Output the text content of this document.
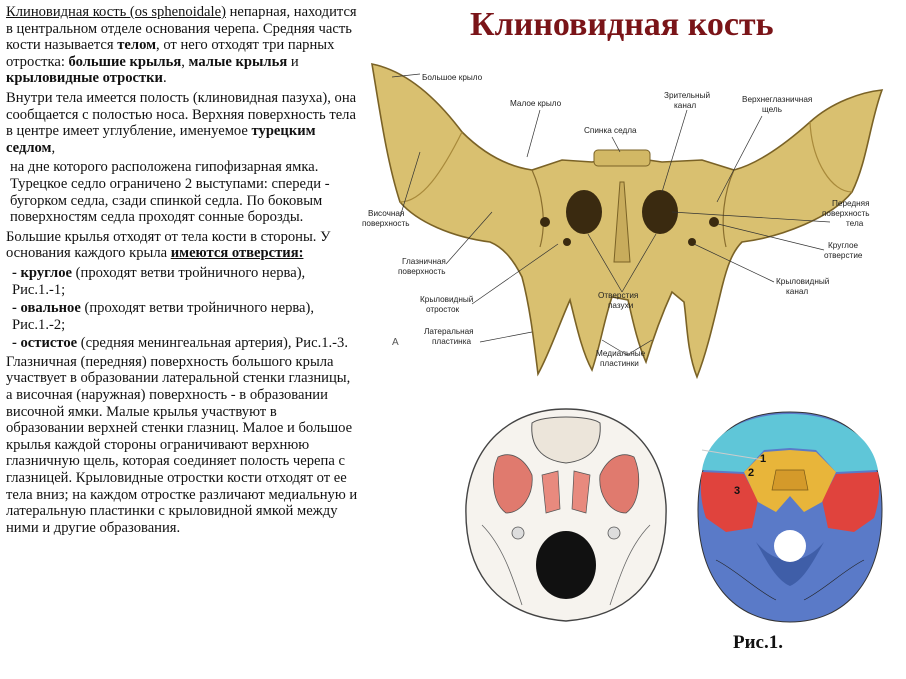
Клиновидная кость (os sphenoidale) непарная, находится в центральном отделе основания черепа. Средняя часть кости называется телом, от него отходят три парных отростка: большие крылья, малые крылья и крыловидные отростки.

Внутри тела имеется полость (клиновидная пазуха), она сообщается с полостью носа. Верхняя поверхность тела в центре имеет углубление, именуемое турецким седлом,

на дне которого расположена гипофизарная ямка. Турецкое седло ограничено 2 выступами: спереди - бугорком седла, сзади спинкой седла. По боковым поверхностям седла проходят сонные борозды.

Большие крылья отходят от тела кости в стороны. У основания каждого крыла имеются отверстия:

- круглое (проходят ветви тройничного нерва), Рис.1.-1;

- овальное (проходят ветви тройничного нерва), Рис.1.-2;

- остистое (средняя менингеальная артерия), Рис.1.-3.

Глазничная (передняя) поверхность большого крыла участвует в образовании латеральной стенки глазницы, а височная (наружная) поверхность - в образовании височной ямки. Малые крылья участвуют в образовании верхней стенки глазниц. Малое и большое крылья каждой стороны ограничивают верхнюю глазничную щель, которая соединяет полость черепа с глазницей. Крыловидные отростки кости отходят от ее тела вниз; на каждом отростке различают медиальную и латеральную пластинки с крыловидной ямкой между ними и другие образования.

Клиновидная кость
Большое крыло
Малое крыло
Спинка седла
Зрительный
канал
Верхнеглазничная
щель
Височная
поверхность
Передняя
поверхность
тела
Глазничная
поверхность
Круглое
отверстие
Крыловидный
отросток
Отверстия
пазухи
Крыловидный
канал
Латеральная
пластинка
Медиальные
пластинки
А
1
2
3
Рис.1.
